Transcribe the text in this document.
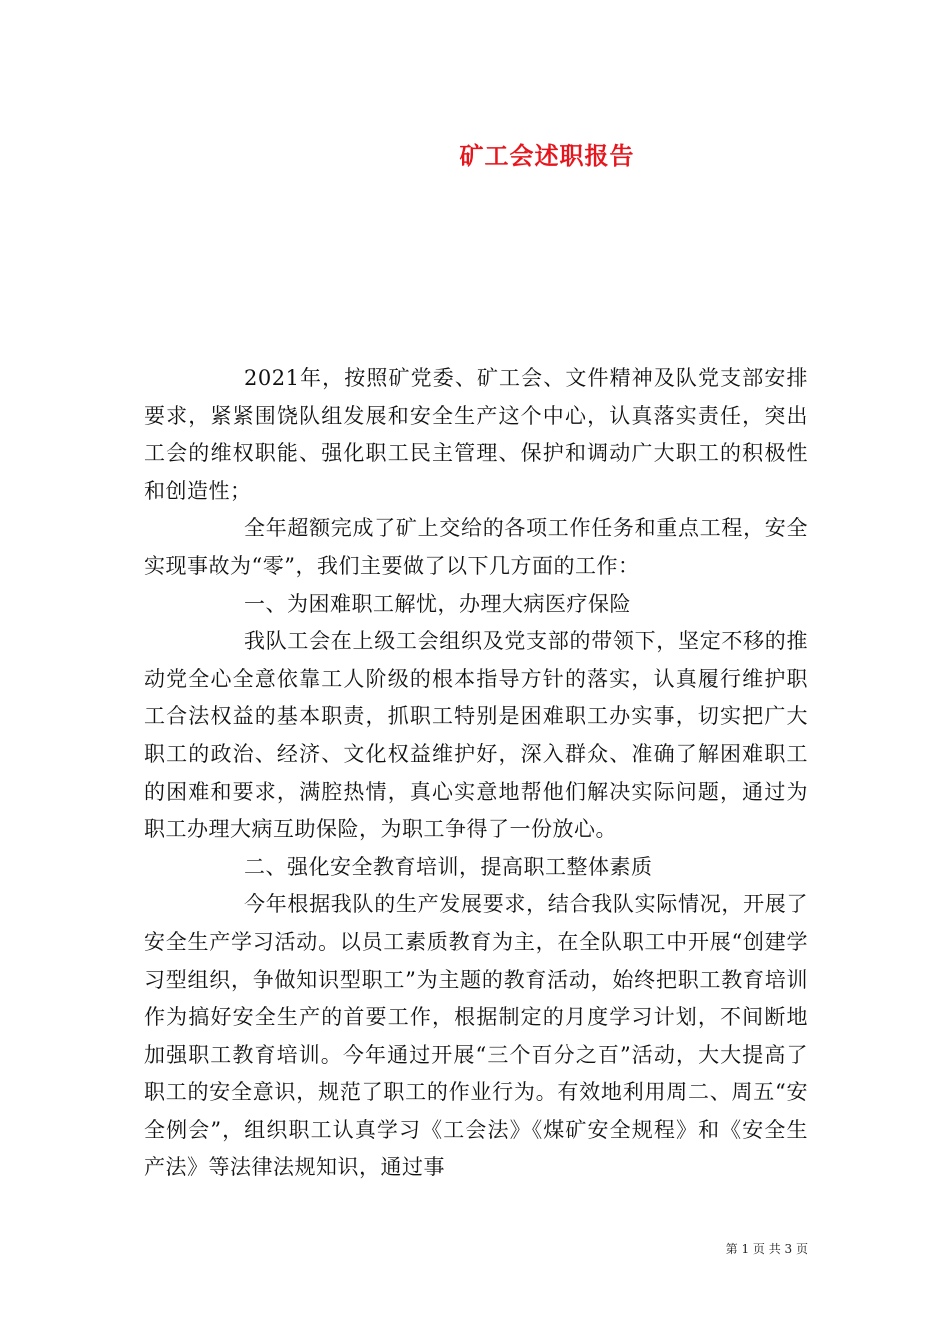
矿工会述职报告

2021年，按照矿党委、矿工会、文件精神及队党支部安排要求，紧紧围饶队组发展和安全生产这个中心，认真落实责任，突出工会的维权职能、强化职工民主管理、保护和调动广大职工的积极性和创造性；

全年超额完成了矿上交给的各项工作任务和重点工程，安全实现事故为“零”，我们主要做了以下几方面的工作：

一、为困难职工解忧，办理大病医疗保险

我队工会在上级工会组织及党支部的带领下，坚定不移的推动党全心全意依靠工人阶级的根本指导方针的落实，认真履行维护职工合法权益的基本职责，抓职工特别是困难职工办实事，切实把广大职工的政治、经济、文化权益维护好，深入群众、准确了解困难职工的困难和要求，满腔热情，真心实意地帮他们解决实际问题，通过为职工办理大病互助保险，为职工争得了一份放心。

二、强化安全教育培训，提高职工整体素质

今年根据我队的生产发展要求，结合我队实际情况，开展了安全生产学习活动。以员工素质教育为主，在全队职工中开展“创建学习型组织，争做知识型职工”为主题的教育活动，始终把职工教育培训作为搞好安全生产的首要工作，根据制定的月度学习计划，不间断地加强职工教育培训。今年通过开展“三个百分之百”活动，大大提高了职工的安全意识，规范了职工的作业行为。有效地利用周二、周五“安全例会”，组织职工认真学习《工会法》《煤矿安全规程》和《安全生产法》等法律法规知识，通过事

第 1 页 共 3 页
